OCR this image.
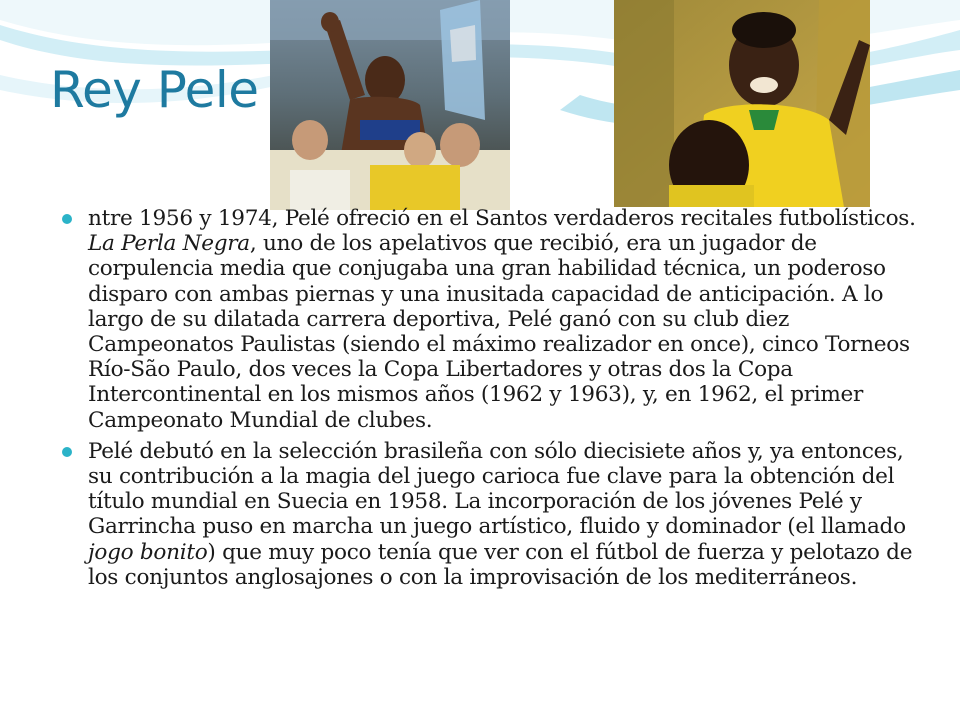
Rey Pele
ntre 1956 y 1974, Pelé ofreció en el Santos verdaderos recitales futbolísticos. La Perla Negra, uno de los apelativos que recibió, era un jugador de corpulencia media que conjugaba una gran habilidad técnica, un poderoso disparo con ambas piernas y una inusitada capacidad de anticipación. A lo largo de su dilatada carrera deportiva, Pelé ganó con su club diez Campeonatos Paulistas (siendo el máximo realizador en once), cinco Torneos Río-São Paulo, dos veces la Copa Libertadores y otras dos la Copa Intercontinental en los mismos años (1962 y 1963), y, en 1962, el primer Campeonato Mundial de clubes.
Pelé debutó en la selección brasileña con sólo diecisiete años y, ya entonces, su contribución a la magia del juego carioca fue clave para la obtención del título mundial en Suecia en 1958. La incorporación de los jóvenes Pelé y Garrincha puso en marcha un juego artístico, fluido y dominador (el llamado jogo bonito) que muy poco tenía que ver con el fútbol de fuerza y pelotazo de los conjuntos anglosajones o con la improvisación de los mediterráneos.
